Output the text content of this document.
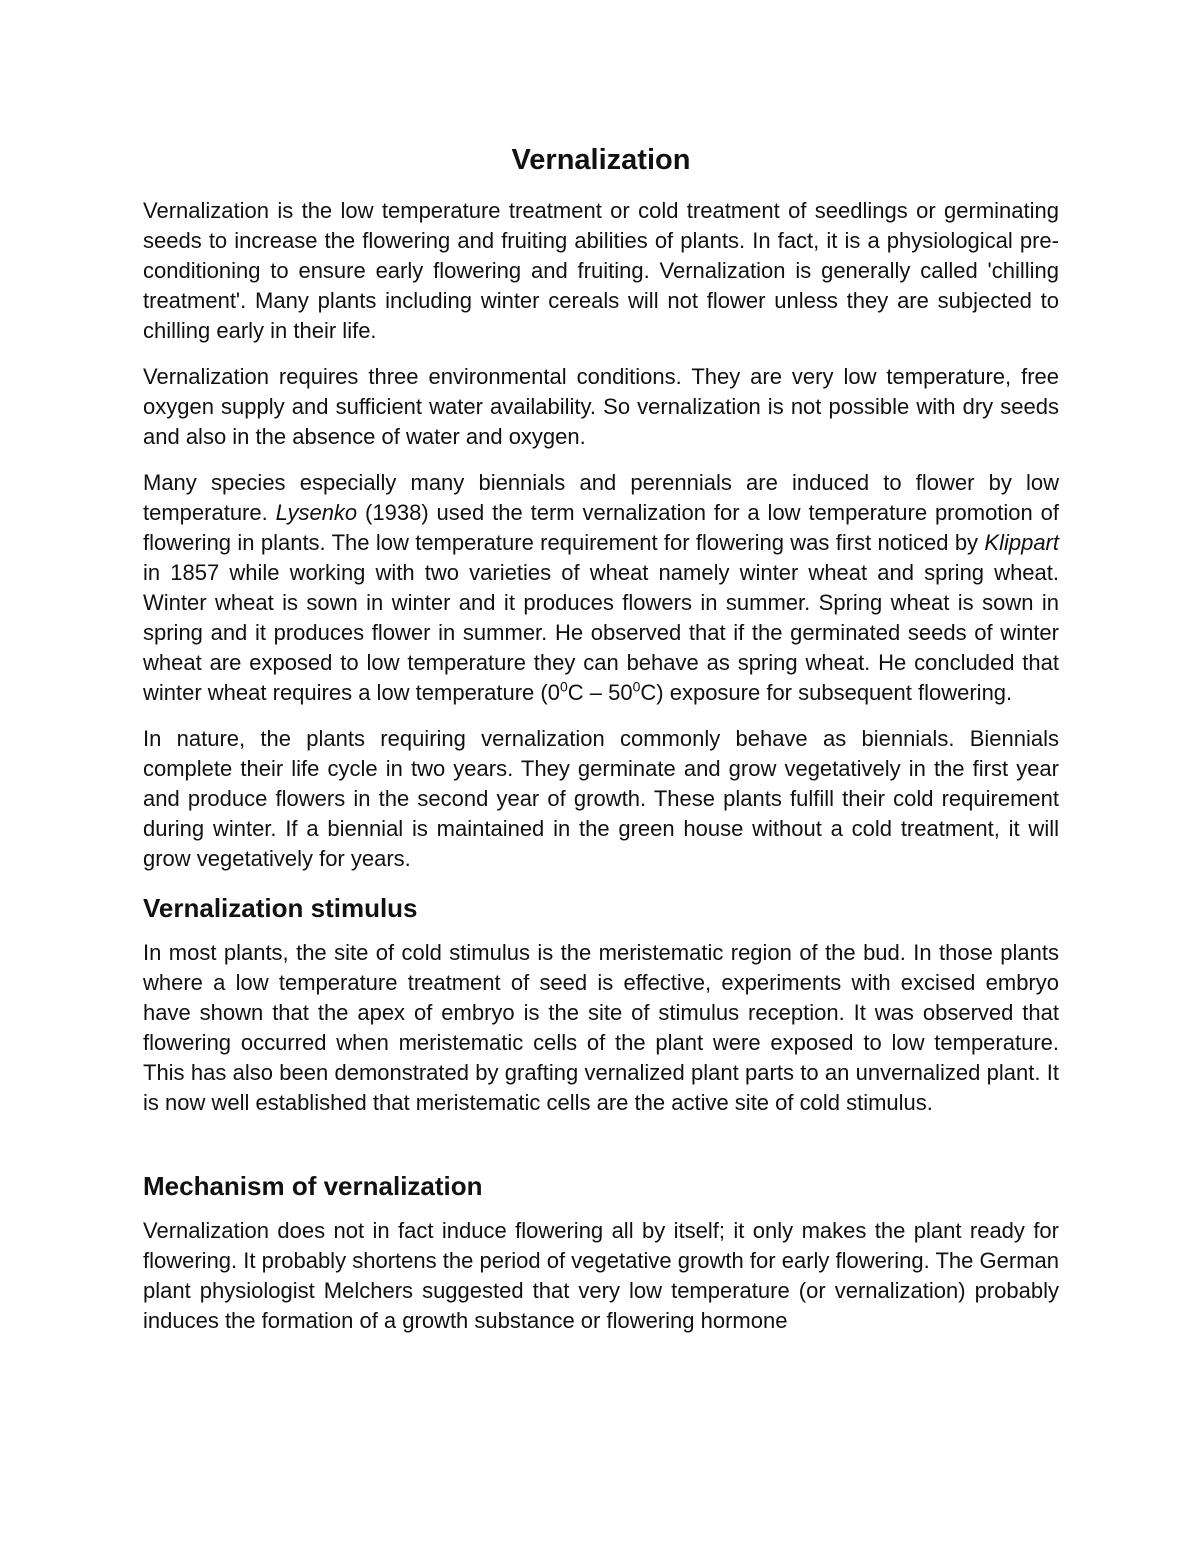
Vernalization

Vernalization is the low temperature treatment or cold treatment of seedlings or germinating seeds to increase the flowering and fruiting abilities of plants. In fact, it is a physiological pre-conditioning to ensure early flowering and fruiting. Vernalization is generally called 'chilling treatment'. Many plants including winter cereals will not flower unless they are subjected to chilling early in their life.

Vernalization requires three environmental conditions. They are very low temperature, free oxygen supply and sufficient water availability. So vernalization is not possible with dry seeds and also in the absence of water and oxygen.

Many species especially many biennials and perennials are induced to flower by low temperature. Lysenko (1938) used the term vernalization for a low temperature promotion of flowering in plants. The low temperature requirement for flowering was first noticed by Klippart in 1857 while working with two varieties of wheat namely winter wheat and spring wheat. Winter wheat is sown in winter and it produces flowers in summer. Spring wheat is sown in spring and it produces flower in summer. He observed that if the germinated seeds of winter wheat are exposed to low temperature they can behave as spring wheat. He concluded that winter wheat requires a low temperature $(0^0C - 50^0C)$ exposure for subsequent flowering.

In nature, the plants requiring vernalization commonly behave as biennials. Biennials complete their life cycle in two years. They germinate and grow vegetatively in the first year and produce flowers in the second year of growth. These plants fulfill their cold requirement during winter. If a biennial is maintained in the green house without a cold treatment, it will grow vegetatively for years.

Vernalization stimulus

In most plants, the site of cold stimulus is the meristematic region of the bud. In those plants where a low temperature treatment of seed is effective, experiments with excised embryo have shown that the apex of embryo is the site of stimulus reception. It was observed that flowering occurred when meristematic cells of the plant were exposed to low temperature. This has also been demonstrated by grafting vernalized plant parts to an unvernalized plant. It is now well established that meristematic cells are the active site of cold stimulus.

Mechanism of vernalization

Vernalization does not in fact induce flowering all by itself; it only makes the plant ready for flowering. It probably shortens the period of vegetative growth for early flowering. The German plant physiologist Melchers suggested that very low temperature (or vernalization) probably induces the formation of a growth substance or flowering hormone
